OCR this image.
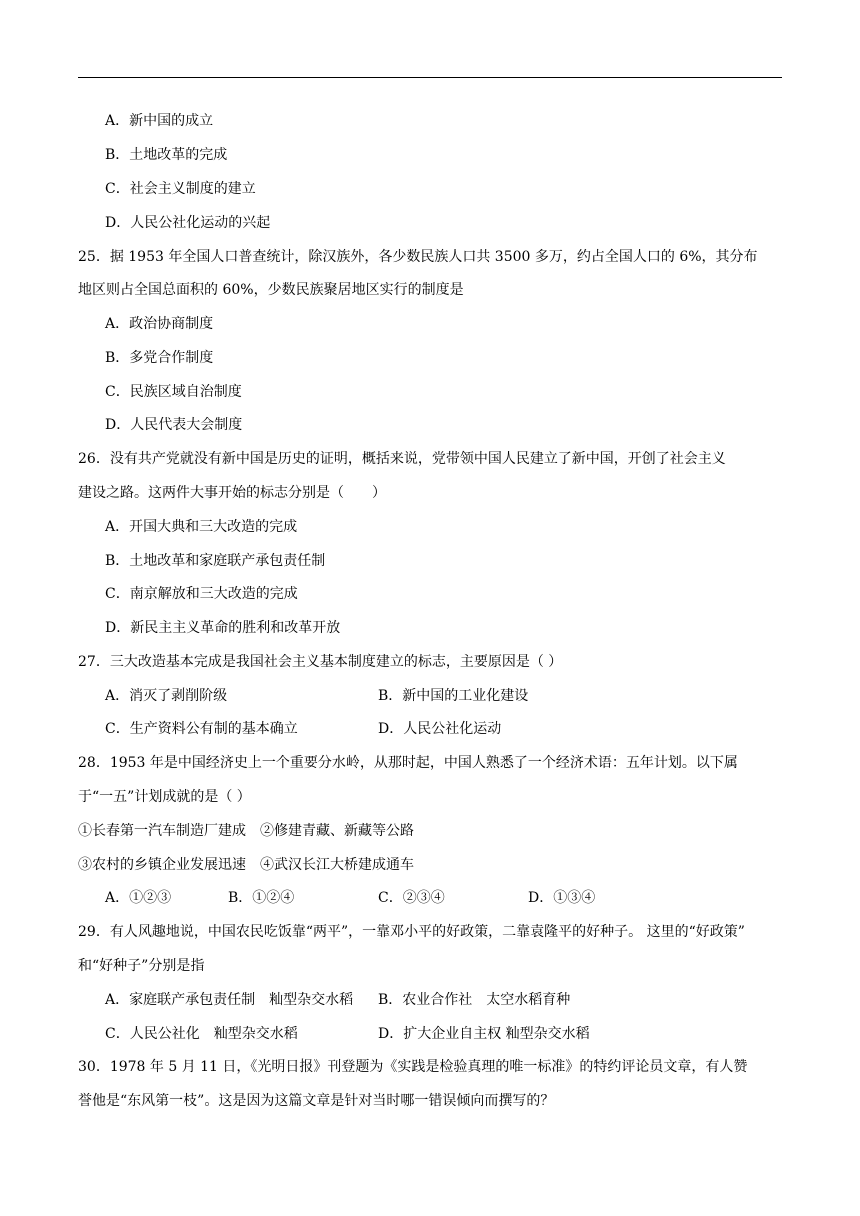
A．新中国的成立
B．土地改革的完成
C．社会主义制度的建立
D．人民公社化运动的兴起
25．据 1953 年全国人口普查统计，除汉族外，各少数民族人口共 3500 多万，约占全国人口的 6%，其分布
地区则占全国总面积的 60%，少数民族聚居地区实行的制度是
A．政治协商制度
B．多党合作制度
C．民族区域自治制度
D．人民代表大会制度
26．没有共产党就没有新中国是历史的证明，概括来说，党带领中国人民建立了新中国，开创了社会主义
建设之路。这两件大事开始的标志分别是（　　）
A．开国大典和三大改造的完成
B．土地改革和家庭联产承包责任制
C．南京解放和三大改造的完成
D．新民主主义革命的胜利和改革开放
27．三大改造基本完成是我国社会主义基本制度建立的标志，主要原因是（ ）
A．消灭了剥削阶级	B．新中国的工业化建设
C．生产资料公有制的基本确立	D．人民公社化运动
28．1953 年是中国经济史上一个重要分水岭，从那时起，中国人熟悉了一个经济术语：五年计划。以下属
于“一五”计划成就的是（ ）
①长春第一汽车制造厂建成　②修建青藏、新藏等公路
③农村的乡镇企业发展迅速　④武汉长江大桥建成通车
A．①②③	B．①②④	C．②③④	D．①③④
29．有人风趣地说，中国农民吃饭靠“两平”，一靠邓小平的好政策，二靠袁隆平的好种子。 这里的“好政策”
和“好种子”分别是指
A．家庭联产承包责任制　籼型杂交水稻 B．农业合作社　太空水稻育种
C．人民公社化　籼型杂交水稻	D．扩大企业自主权 籼型杂交水稻
30．1978 年 5 月 11 日，《光明日报》刊登题为《实践是检验真理的唯一标准》的特约评论员文章，有人赞
誉他是“东风第一枝”。这是因为这篇文章是针对当时哪一错误倾向而撰写的？
